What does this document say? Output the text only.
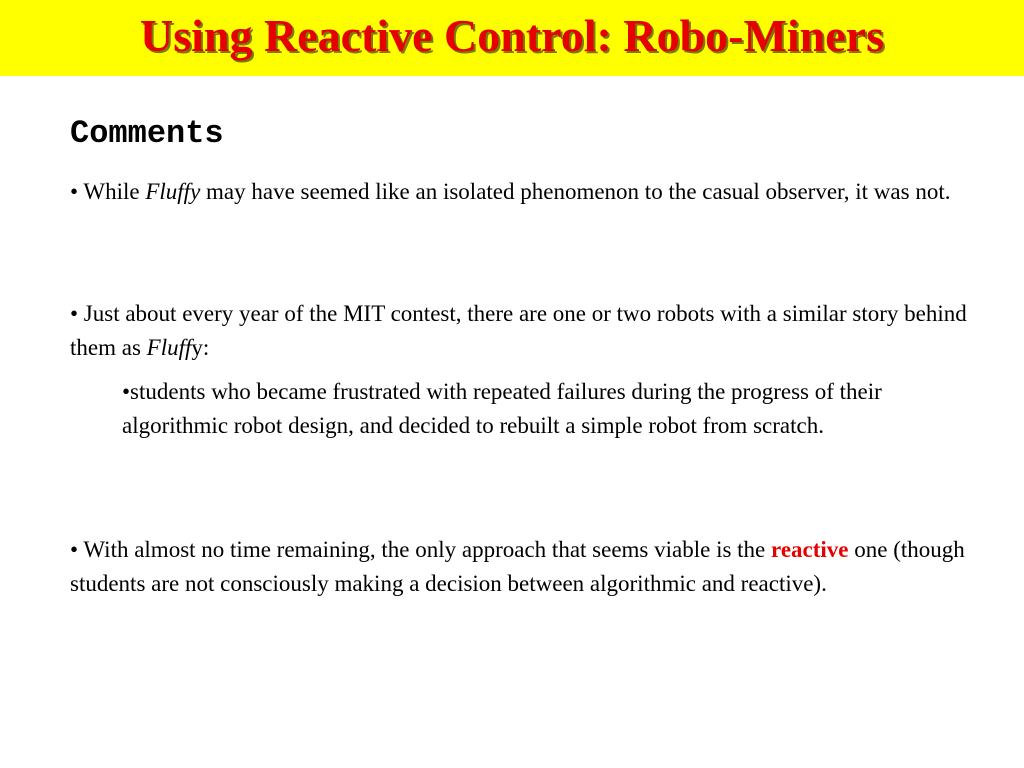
Using Reactive Control: Robo-Miners
Comments

• While Fluffy may have seemed like an isolated phenomenon to the casual observer, it was not.

• Just about every year of the MIT contest, there are one or two robots with a similar story behind them as Fluffy:

•students who became frustrated with repeated failures during the progress of their algorithmic robot design, and decided to rebuilt a simple robot from scratch.

• With almost no time remaining, the only approach that seems viable is the reactive one (though students are not consciously making a decision between algorithmic and reactive).
